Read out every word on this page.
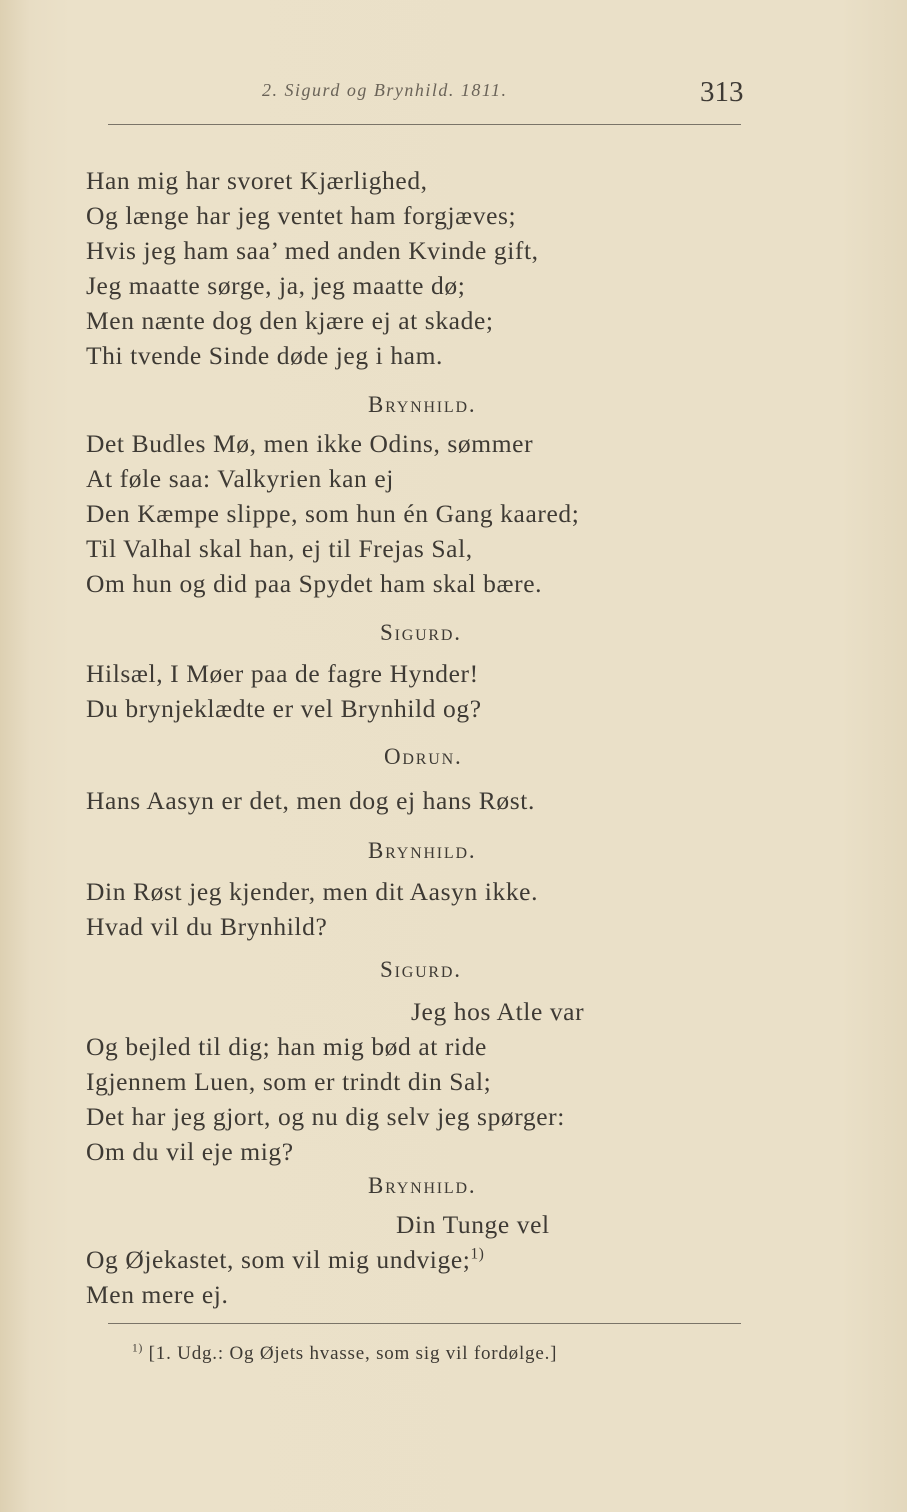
2. Sigurd og Brynhild. 1811.	313
Han mig har svoret Kjærlighed,
Og længe har jeg ventet ham forgjæves;
Hvis jeg ham saa’ med anden Kvinde gift,
Jeg maatte sørge, ja, jeg maatte dø;
Men nænte dog den kjære ej at skade;
Thi tvende Sinde døde jeg i ham.
Brynhild.
Det Budles Mø, men ikke Odins, sømmer
At føle saa: Valkyrien kan ej
Den Kæmpe slippe, som hun én Gang kaared;
Til Valhal skal han, ej til Frejas Sal,
Om hun og did paa Spydet ham skal bære.
Sigurd.
Hilsæl, I Møer paa de fagre Hynder!
Du brynjeklædte er vel Brynhild og?
Odrun.
Hans Aasyn er det, men dog ej hans Røst.
Brynhild.
Din Røst jeg kjender, men dit Aasyn ikke.
Hvad vil du Brynhild?
Sigurd.
Jeg hos Atle var
Og bejled til dig; han mig bød at ride
Igjennem Luen, som er trindt din Sal;
Det har jeg gjort, og nu dig selv jeg spørger:
Om du vil eje mig?
Brynhild.
Din Tunge vel
Og Øjekastet, som vil mig undvige;$^{1)}$
Men mere ej.
$^{1)}$ [1. Udg.: Og Øjets hvasse, som sig vil fordølge.]
